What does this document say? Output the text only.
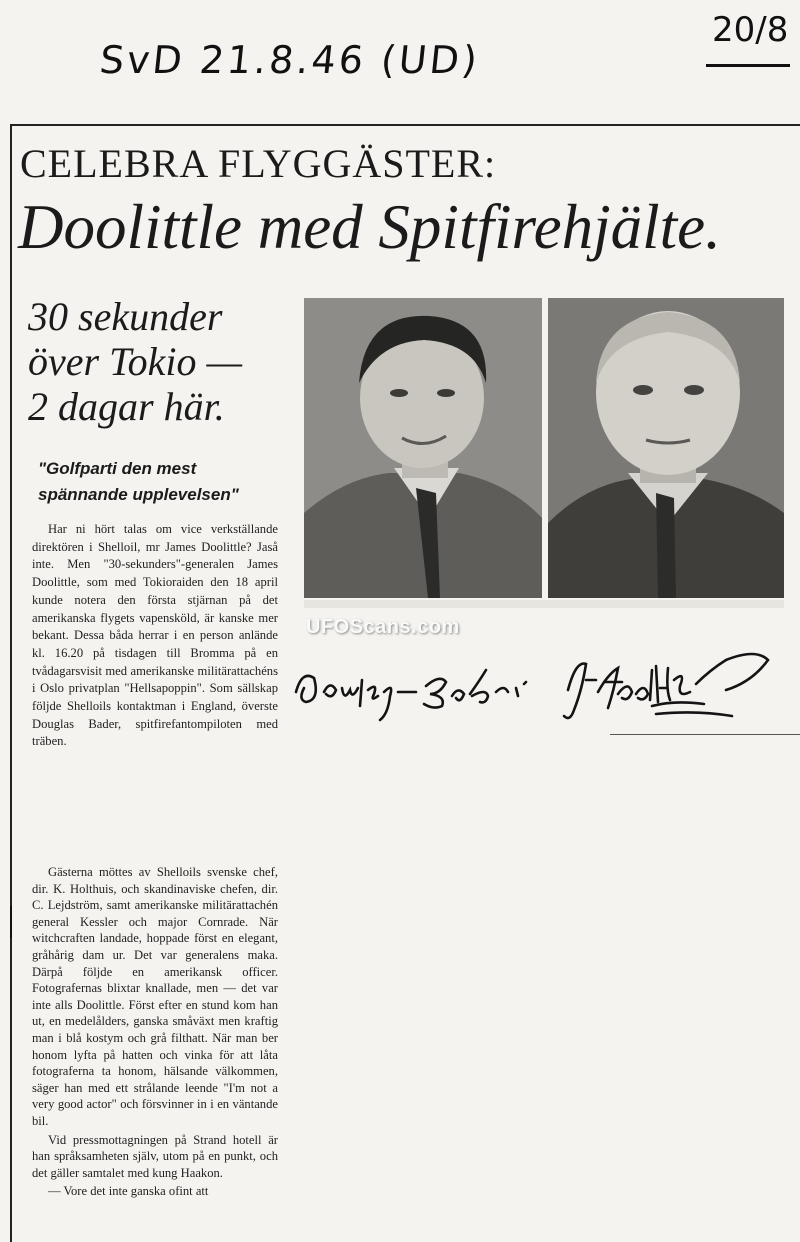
SvD 21.8.46 (UD)
20/8
CELEBRA FLYGGÄSTER:
Doolittle med Spitfirehjälte.
30 sekunder
över Tokio —
2 dagar här.
"Golfparti den mest
spännande upplevelsen"

Har ni hört talas om vice verkställande direktören i Shelloil, mr James Doolittle? Jaså inte. Men "30-sekunders"-generalen James Doolittle, som med Tokioraiden den 18 april kunde notera den första stjärnan på det amerikanska flygets vapensköld, är kanske mer bekant. Dessa båda herrar i en person anlände kl. 16.20 på tisdagen till Bromma på en tvådagarsvisit med amerikanske militärattachéns i Oslo privatplan "Hellsapoppin". Som sällskap följde Shelloils kontaktman i England, överste Douglas Bader, spitfirefantompiloten med träben.

Gästerna möttes av Shelloils svenske chef, dir. K. Holthuis, och skandinaviske chefen, dir. C. Lejdström, samt amerikanske militärattachén general Kessler och major Cornrade. När witchcraften landade, hoppade först en elegant, gråhårig dam ur. Det var generalens maka. Därpå följde en amerikansk officer. Fotografernas blixtar knallade, men — det var inte alls Doolittle. Först efter en stund kom han ut, en medelålders, ganska småväxt men kraftig man i blå kostym och grå filthatt. När man ber honom lyfta på hatten och vinka för att låta fotograferna ta honom, hälsande välkommen, säger han med ett strålande leende "I'm not a very good actor" och försvinner in i en väntande bil.

Vid pressmottagningen på Strand hotell är han språksamheten själv, utom på en punkt, och det gäller samtalet med kung Haakon.

— Vore det inte ganska ofint att

UFOScans.com
